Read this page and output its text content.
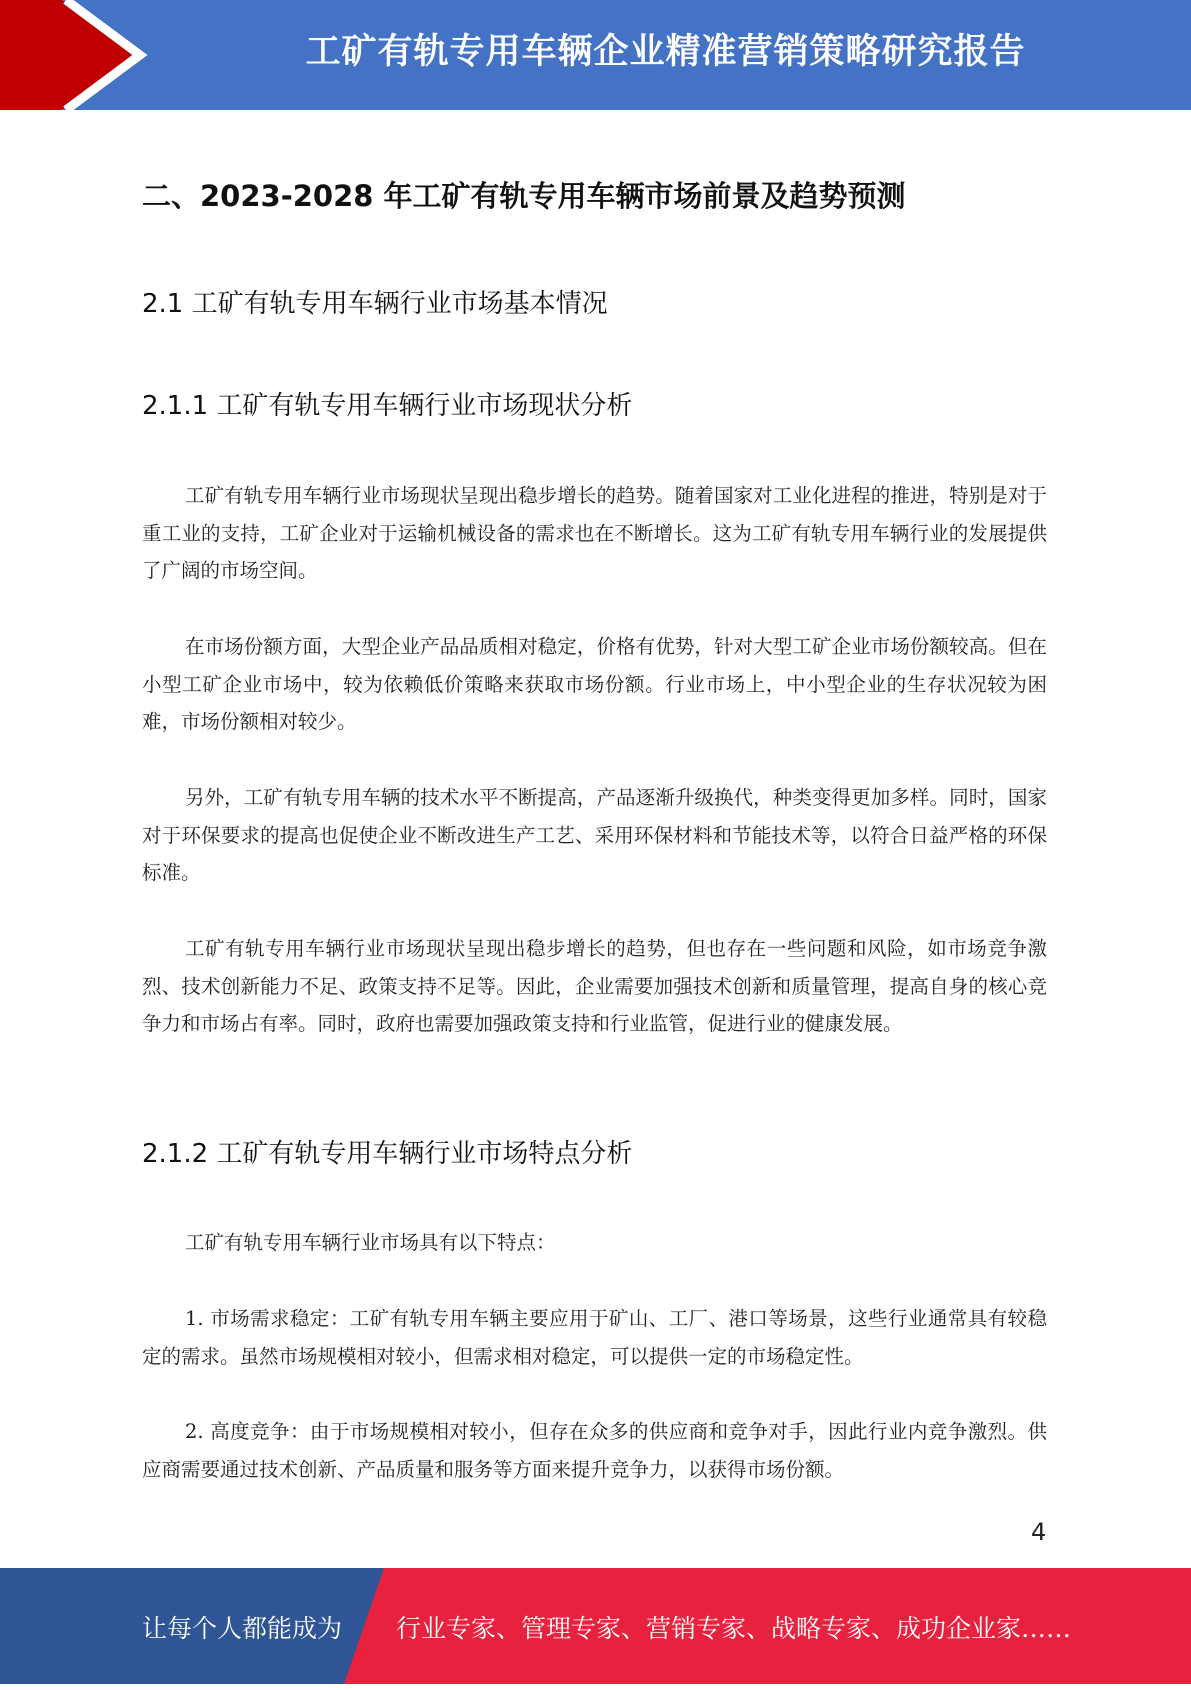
工矿有轨专用车辆企业精准营销策略研究报告
二、2023-2028 年工矿有轨专用车辆市场前景及趋势预测
2.1 工矿有轨专用车辆行业市场基本情况
2.1.1 工矿有轨专用车辆行业市场现状分析

工矿有轨专用车辆行业市场现状呈现出稳步增长的趋势。随着国家对工业化进程的推进，特别是对于重工业的支持，工矿企业对于运输机械设备的需求也在不断增长。这为工矿有轨专用车辆行业的发展提供了广阔的市场空间。

在市场份额方面，大型企业产品品质相对稳定，价格有优势，针对大型工矿企业市场份额较高。但在小型工矿企业市场中，较为依赖低价策略来获取市场份额。行业市场上，中小型企业的生存状况较为困难，市场份额相对较少。

另外，工矿有轨专用车辆的技术水平不断提高，产品逐渐升级换代，种类变得更加多样。同时，国家对于环保要求的提高也促使企业不断改进生产工艺、采用环保材料和节能技术等，以符合日益严格的环保标准。

工矿有轨专用车辆行业市场现状呈现出稳步增长的趋势，但也存在一些问题和风险，如市场竞争激烈、技术创新能力不足、政策支持不足等。因此，企业需要加强技术创新和质量管理，提高自身的核心竞争力和市场占有率。同时，政府也需要加强政策支持和行业监管，促进行业的健康发展。

2.1.2 工矿有轨专用车辆行业市场特点分析

工矿有轨专用车辆行业市场具有以下特点：

1. 市场需求稳定：工矿有轨专用车辆主要应用于矿山、工厂、港口等场景，这些行业通常具有较稳定的需求。虽然市场规模相对较小，但需求相对稳定，可以提供一定的市场稳定性。

2. 高度竞争：由于市场规模相对较小，但存在众多的供应商和竞争对手，因此行业内竞争激烈。供应商需要通过技术创新、产品质量和服务等方面来提升竞争力，以获得市场份额。

4
让每个人都能成为 行业专家、管理专家、营销专家、战略专家、成功企业家……
